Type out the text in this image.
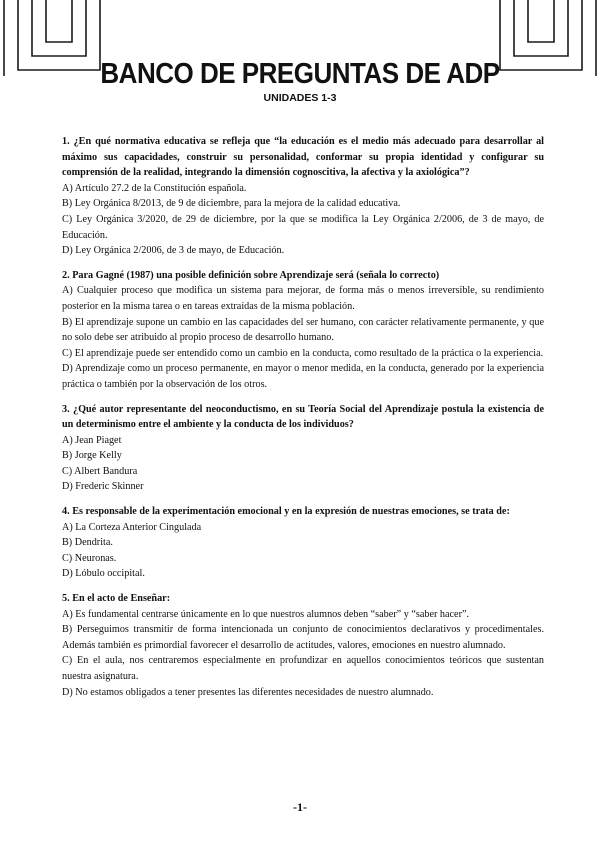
BANCO DE PREGUNTAS DE ADP
UNIDADES 1-3
1. ¿En qué normativa educativa se refleja que “la educación es el medio más adecuado para desarrollar al máximo sus capacidades, construir su personalidad, conformar su propia identidad y configurar su comprensión de la realidad, integrando la dimensión cognoscitiva, la afectiva y la axiológica”?
A) Artículo 27.2 de la Constitución española.
B) Ley Orgánica 8/2013, de 9 de diciembre, para la mejora de la calidad educativa.
C) Ley Orgánica 3/2020, de 29 de diciembre, por la que se modifica la Ley Orgánica 2/2006, de 3 de mayo, de Educación.
D) Ley Orgánica 2/2006, de 3 de mayo, de Educación.
2. Para Gagné (1987) una posible definición sobre Aprendizaje será (señala lo correcto)
A) Cualquier proceso que modifica un sistema para mejorar, de forma más o menos irreversible, su rendimiento posterior en la misma tarea o en tareas extraídas de la misma población.
B) El aprendizaje supone un cambio en las capacidades del ser humano, con carácter relativamente permanente, y que no solo debe ser atribuido al propio proceso de desarrollo humano.
C) El aprendizaje puede ser entendido como un cambio en la conducta, como resultado de la práctica o la experiencia.
D) Aprendizaje como un proceso permanente, en mayor o menor medida, en la conducta, generado por la experiencia práctica o también por la observación de los otros.
3. ¿Qué autor representante del neoconductismo, en su Teoría Social del Aprendizaje postula la existencia de un determinismo entre el ambiente y la conducta de los individuos?
A) Jean Piaget
B) Jorge Kelly
C) Albert Bandura
D) Frederic Skinner
4. Es responsable de la experimentación emocional y en la expresión de nuestras emociones, se trata de:
A) La Corteza Anterior Cingulada
B) Dendrita.
C) Neuronas.
D) Lóbulo occipital.
5. En el acto de Enseñar:
A) Es fundamental centrarse únicamente en lo que nuestros alumnos deben “saber” y “saber hacer”.
B) Perseguimos transmitir de forma intencionada un conjunto de conocimientos declarativos y procedimentales. Además también es primordial favorecer el desarrollo de actitudes, valores, emociones en nuestro alumnado.
C) En el aula, nos centraremos especialmente en profundizar en aquellos conocimientos teóricos que sustentan nuestra asignatura.
D) No estamos obligados a tener presentes las diferentes necesidades de nuestro alumnado.
-1-
